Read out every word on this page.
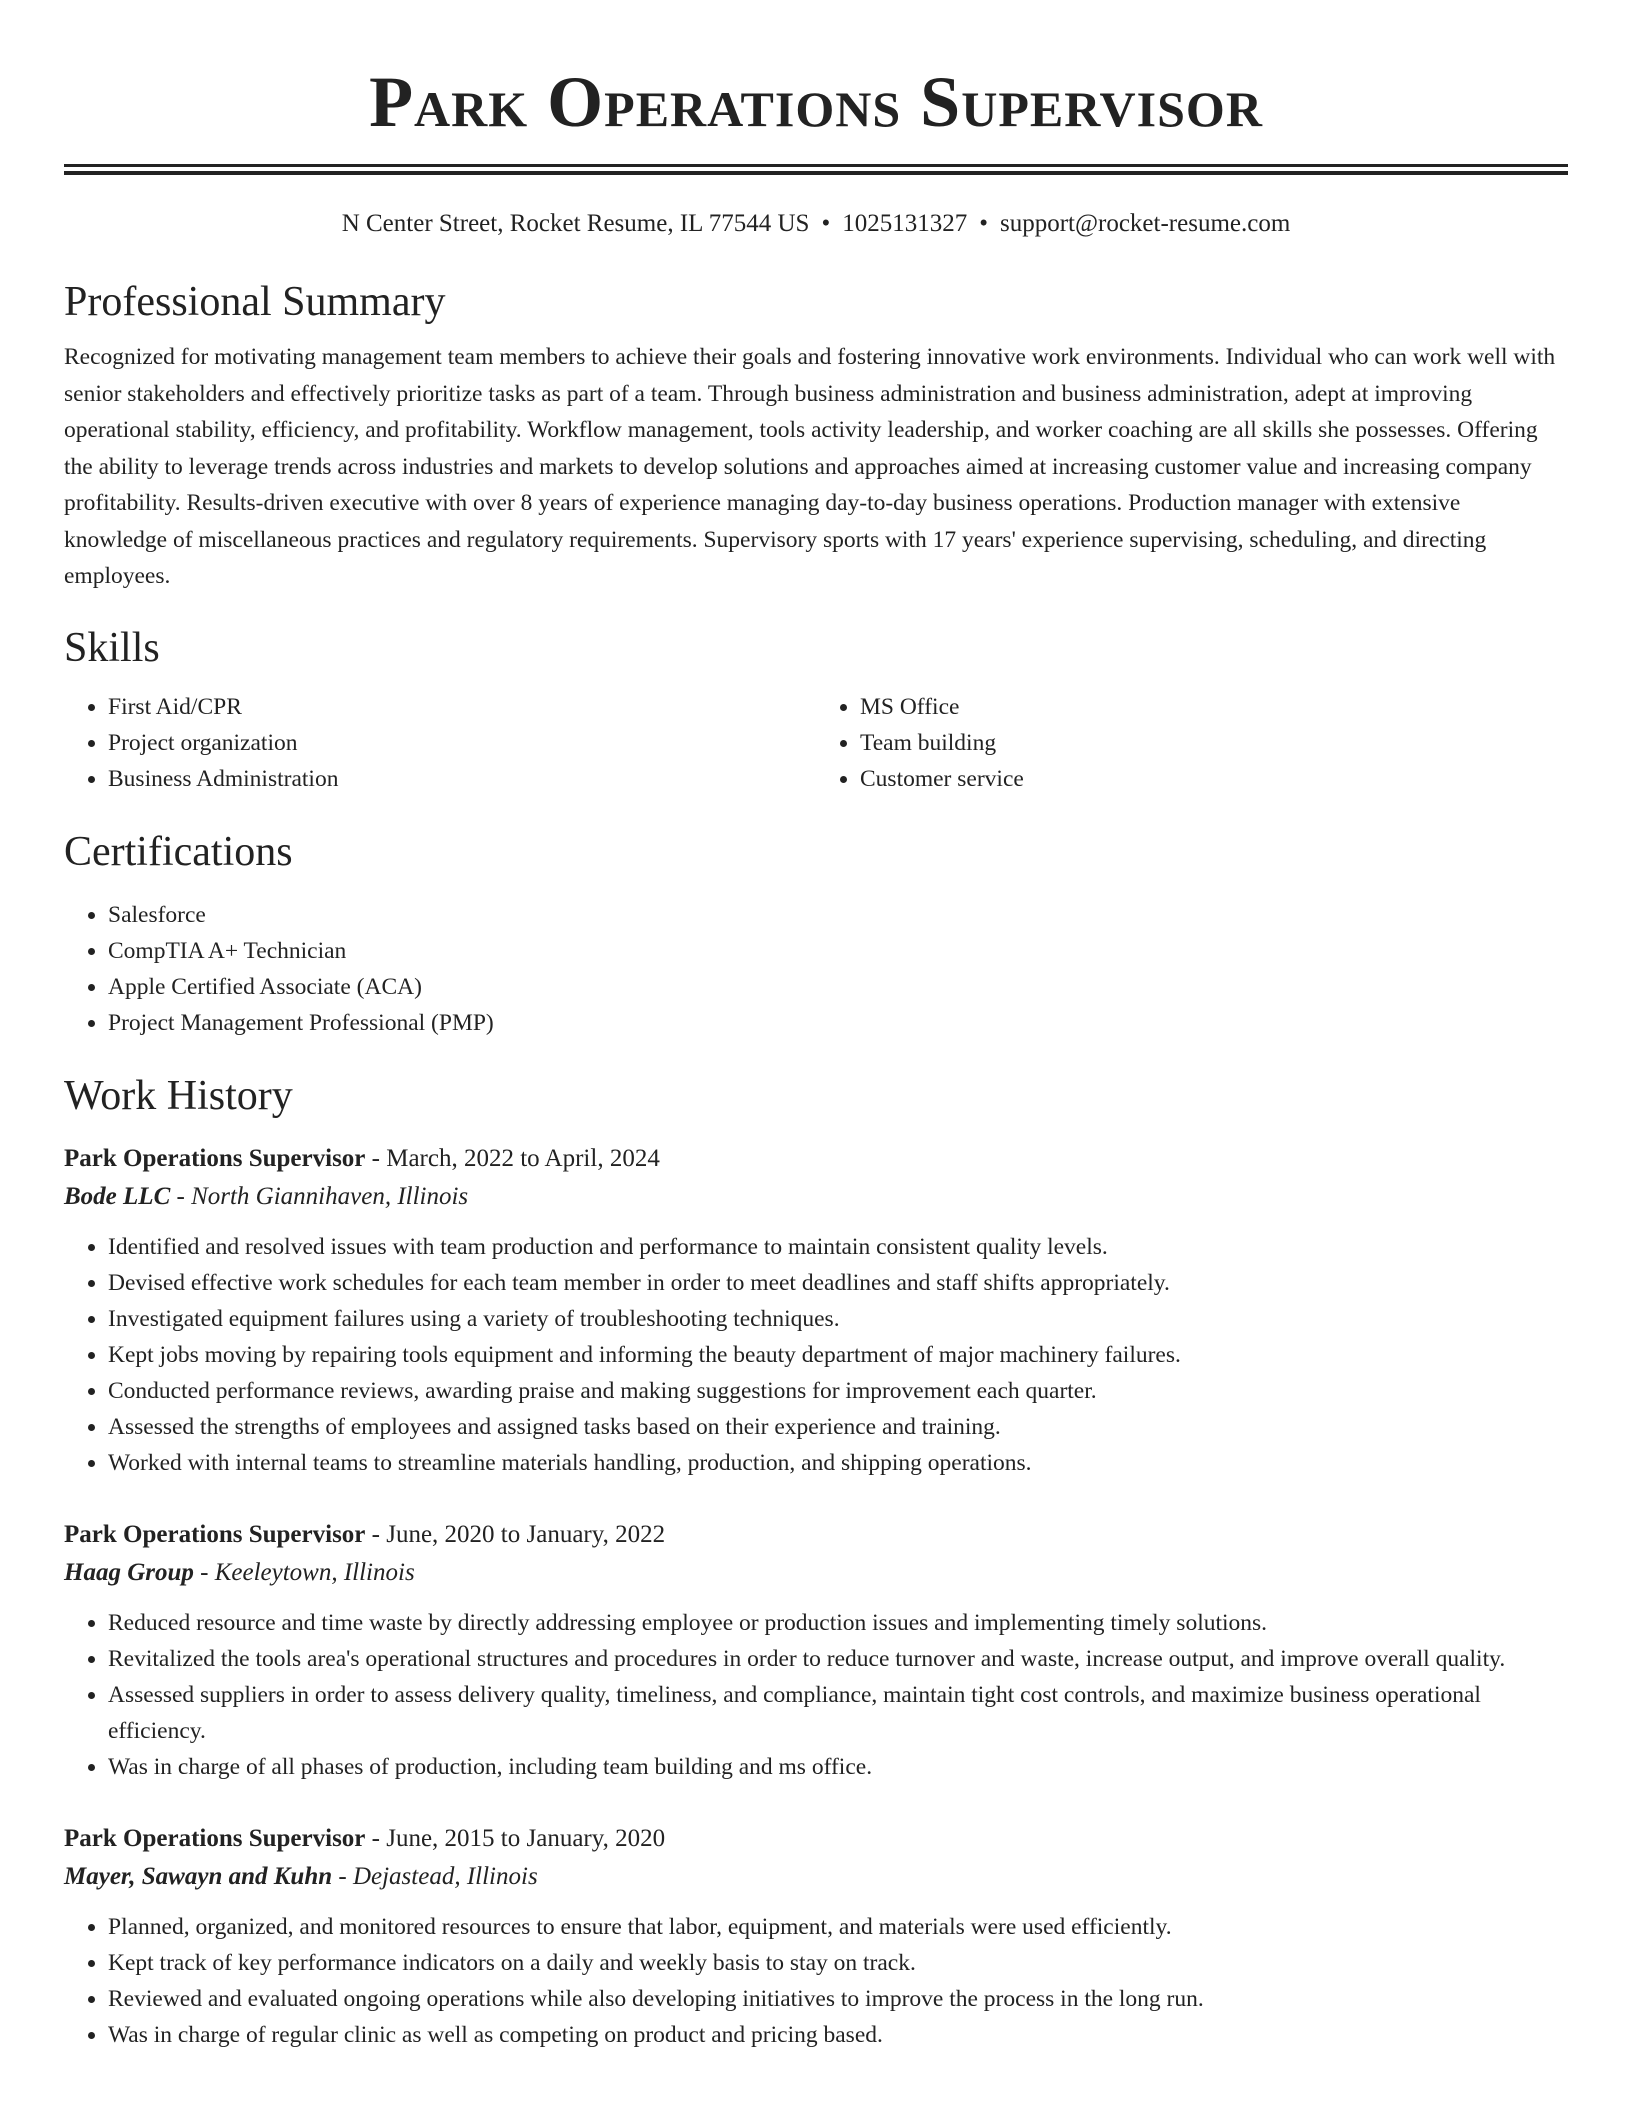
Park Operations Supervisor
N Center Street, Rocket Resume, IL 77544 US • 1025131327 • support@rocket-resume.com
Professional Summary
Recognized for motivating management team members to achieve their goals and fostering innovative work environments. Individual who can work well with senior stakeholders and effectively prioritize tasks as part of a team. Through business administration and business administration, adept at improving operational stability, efficiency, and profitability. Workflow management, tools activity leadership, and worker coaching are all skills she possesses. Offering the ability to leverage trends across industries and markets to develop solutions and approaches aimed at increasing customer value and increasing company profitability. Results-driven executive with over 8 years of experience managing day-to-day business operations. Production manager with extensive knowledge of miscellaneous practices and regulatory requirements. Supervisory sports with 17 years' experience supervising, scheduling, and directing employees.
Skills
• First Aid/CPR
• Project organization
• Business Administration
• MS Office
• Team building
• Customer service
Certifications
• Salesforce
• CompTIA A+ Technician
• Apple Certified Associate (ACA)
• Project Management Professional (PMP)
Work History
Park Operations Supervisor - March, 2022 to April, 2024
Bode LLC - North Giannihaven, Illinois
• Identified and resolved issues with team production and performance to maintain consistent quality levels.
• Devised effective work schedules for each team member in order to meet deadlines and staff shifts appropriately.
• Investigated equipment failures using a variety of troubleshooting techniques.
• Kept jobs moving by repairing tools equipment and informing the beauty department of major machinery failures.
• Conducted performance reviews, awarding praise and making suggestions for improvement each quarter.
• Assessed the strengths of employees and assigned tasks based on their experience and training.
• Worked with internal teams to streamline materials handling, production, and shipping operations.
Park Operations Supervisor - June, 2020 to January, 2022
Haag Group - Keeleytown, Illinois
• Reduced resource and time waste by directly addressing employee or production issues and implementing timely solutions.
• Revitalized the tools area's operational structures and procedures in order to reduce turnover and waste, increase output, and improve overall quality.
• Assessed suppliers in order to assess delivery quality, timeliness, and compliance, maintain tight cost controls, and maximize business operational efficiency.
• Was in charge of all phases of production, including team building and ms office.
Park Operations Supervisor - June, 2015 to January, 2020
Mayer, Sawayn and Kuhn - Dejastead, Illinois
• Planned, organized, and monitored resources to ensure that labor, equipment, and materials were used efficiently.
• Kept track of key performance indicators on a daily and weekly basis to stay on track.
• Reviewed and evaluated ongoing operations while also developing initiatives to improve the process in the long run.
• Was in charge of regular clinic as well as competing on product and pricing based.
